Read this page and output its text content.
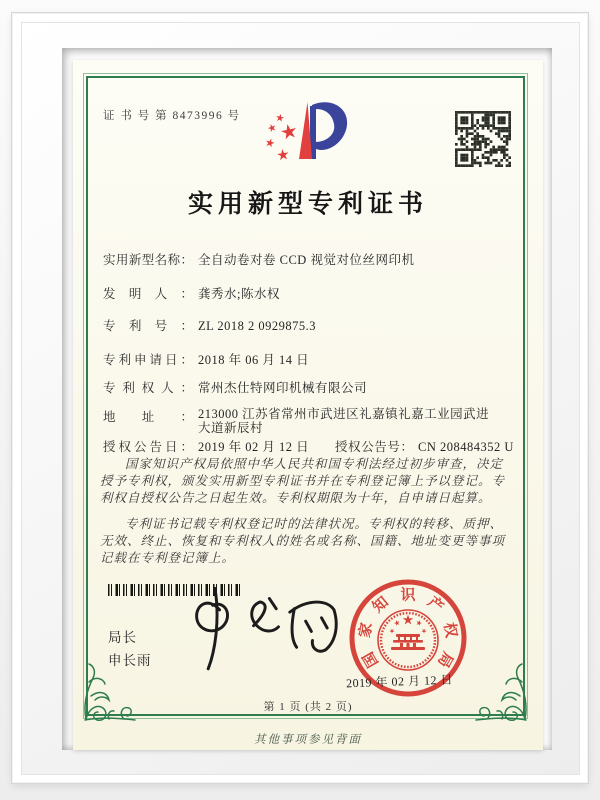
证 书 号 第 8473996 号
实用新型专利证书
实用新型名称： 全自动卷对卷 CCD 视觉对位丝网印机
发明人： 龚秀水;陈水权
专利号： ZL 2018 2 0929875.3
专利申请日： 2018 年 06 月 14 日
专利权人： 常州杰仕特网印机械有限公司
地址： 213000 江苏省常州市武进区礼嘉镇礼嘉工业园武进大道新辰村
授权公告日： 2019 年 02 月 12 日 授权公告号： CN 208484352 U

国家知识产权局依照中华人民共和国专利法经过初步审查，决定授予专利权，颁发实用新型专利证书并在专利登记簿上予以登记。专利权自授权公告之日起生效。专利权期限为十年，自申请日起算。

专利证书记载专利权登记时的法律状况。专利权的转移、质押、无效、终止、恢复和专利权人的姓名或名称、国籍、地址变更等事项记载在专利登记簿上。

局长
申长雨	国
家
知 识 产
权
局
2019 年 02 月 12 日
第 1 页 (共 2 页)
其他事项参见背面
